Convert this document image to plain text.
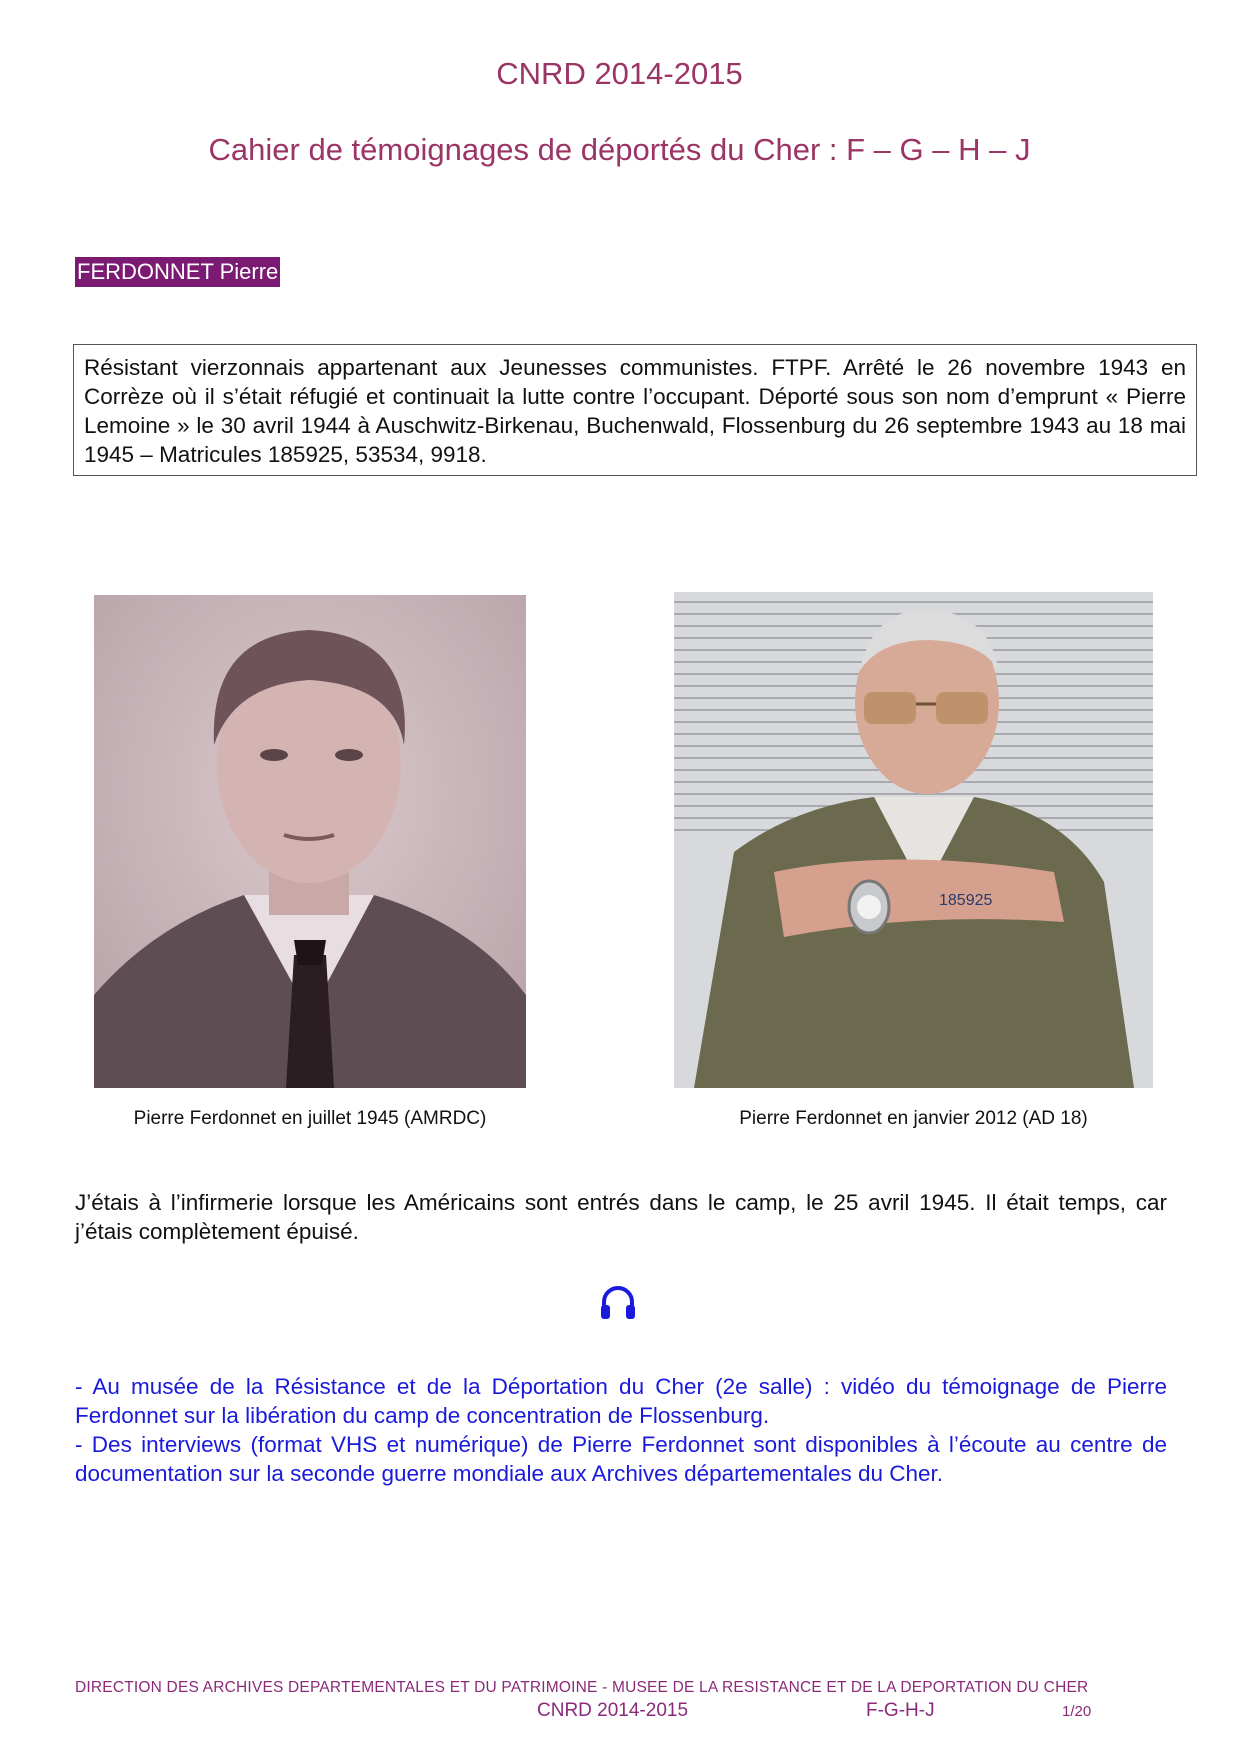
CNRD 2014-2015
Cahier de témoignages de déportés du Cher : F – G – H – J
FERDONNET Pierre
Résistant vierzonnais appartenant aux Jeunesses communistes. FTPF. Arrêté le 26 novembre 1943 en Corrèze où il s’était réfugié et continuait la lutte contre l’occupant. Déporté sous son nom d’emprunt « Pierre Lemoine » le 30 avril 1944 à Auschwitz-Birkenau, Buchenwald, Flossenburg du 26 septembre 1943 au 18 mai 1945 – Matricules 185925, 53534, 9918.
185925
Pierre Ferdonnet en juillet 1945 (AMRDC)	Pierre Ferdonnet en janvier 2012 (AD 18)
J’étais à l’infirmerie lorsque les Américains sont entrés dans le camp, le 25 avril 1945. Il était temps, car j’étais complètement épuisé.

- Au musée de la Résistance et de la Déportation du Cher (2e salle) : vidéo du témoignage de Pierre Ferdonnet sur la libération du camp de concentration de Flossenburg.

- Des interviews (format VHS et numérique) de Pierre Ferdonnet sont disponibles à l’écoute au centre de documentation sur la seconde guerre mondiale aux Archives départementales du Cher.

DIRECTION DES ARCHIVES DEPARTEMENTALES ET DU PATRIMOINE - MUSEE DE LA RESISTANCE ET DE LA DEPORTATION DU CHER
CNRD 2014-2015	F-G-H-J	1/20
